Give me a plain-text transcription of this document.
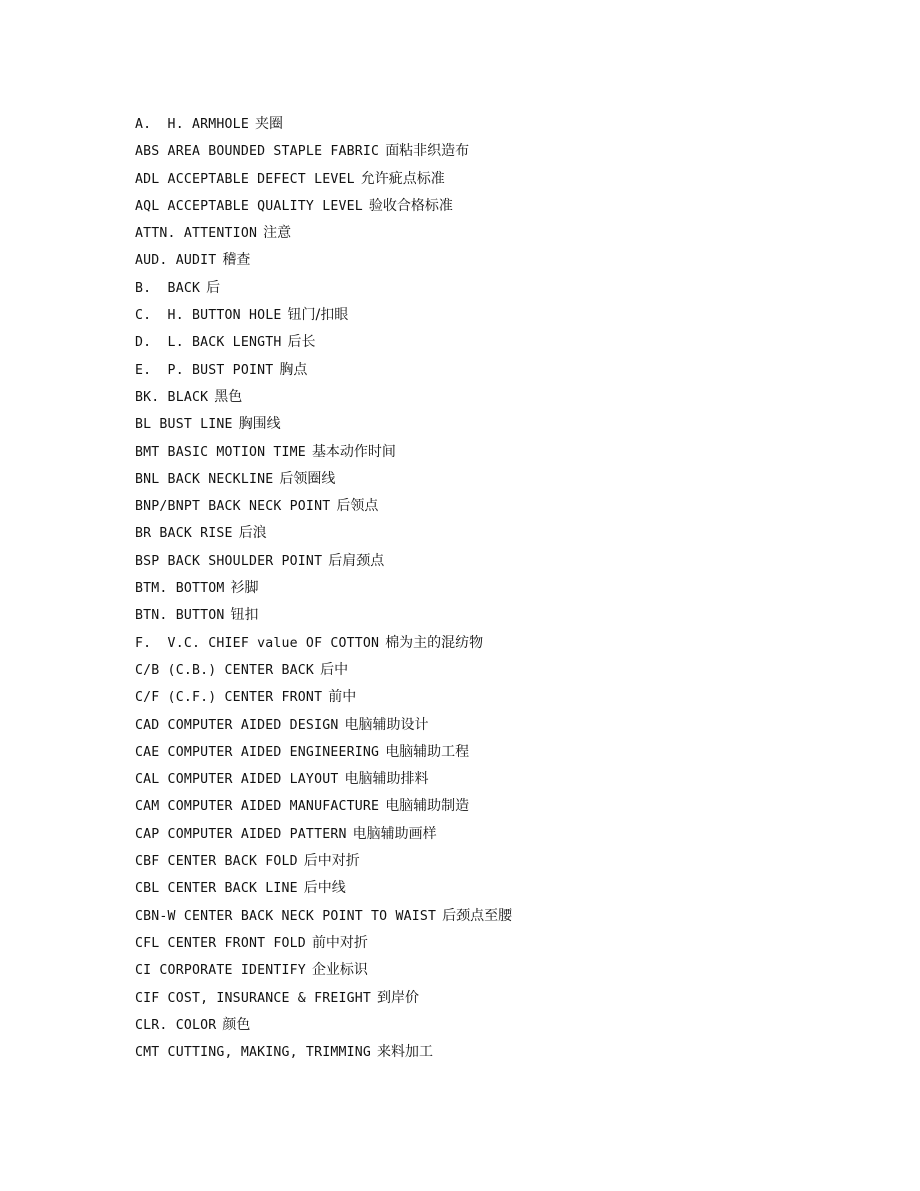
A.  H. ARMHOLE 夹圈
ABS AREA BOUNDED STAPLE FABRIC 面粘非织造布
ADL ACCEPTABLE DEFECT LEVEL 允许疵点标准
AQL ACCEPTABLE QUALITY LEVEL 验收合格标准
ATTN. ATTENTION 注意
AUD. AUDIT 稽查
B.  BACK 后
C.  H. BUTTON HOLE 钮门/扣眼
D.  L. BACK LENGTH 后长
E.  P. BUST POINT 胸点
BK. BLACK 黑色
BL BUST LINE 胸围线
BMT BASIC MOTION TIME 基本动作时间
BNL BACK NECKLINE 后领圈线
BNP/BNPT BACK NECK POINT 后领点
BR BACK RISE 后浪
BSP BACK SHOULDER POINT 后肩颈点
BTM. BOTTOM 衫脚
BTN. BUTTON 钮扣
F.  V.C. CHIEF value OF COTTON 棉为主的混纺物
C/B (C.B.) CENTER BACK 后中
C/F (C.F.) CENTER FRONT 前中
CAD COMPUTER AIDED DESIGN 电脑辅助设计
CAE COMPUTER AIDED ENGINEERING 电脑辅助工程
CAL COMPUTER AIDED LAYOUT 电脑辅助排料
CAM COMPUTER AIDED MANUFACTURE 电脑辅助制造
CAP COMPUTER AIDED PATTERN 电脑辅助画样
CBF CENTER BACK FOLD 后中对折
CBL CENTER BACK LINE 后中线
CBN-W CENTER BACK NECK POINT TO WAIST 后颈点至腰
CFL CENTER FRONT FOLD 前中对折
CI CORPORATE IDENTIFY 企业标识
CIF COST, INSURANCE & FREIGHT 到岸价
CLR. COLOR 颜色
CMT CUTTING, MAKING, TRIMMING 来料加工
